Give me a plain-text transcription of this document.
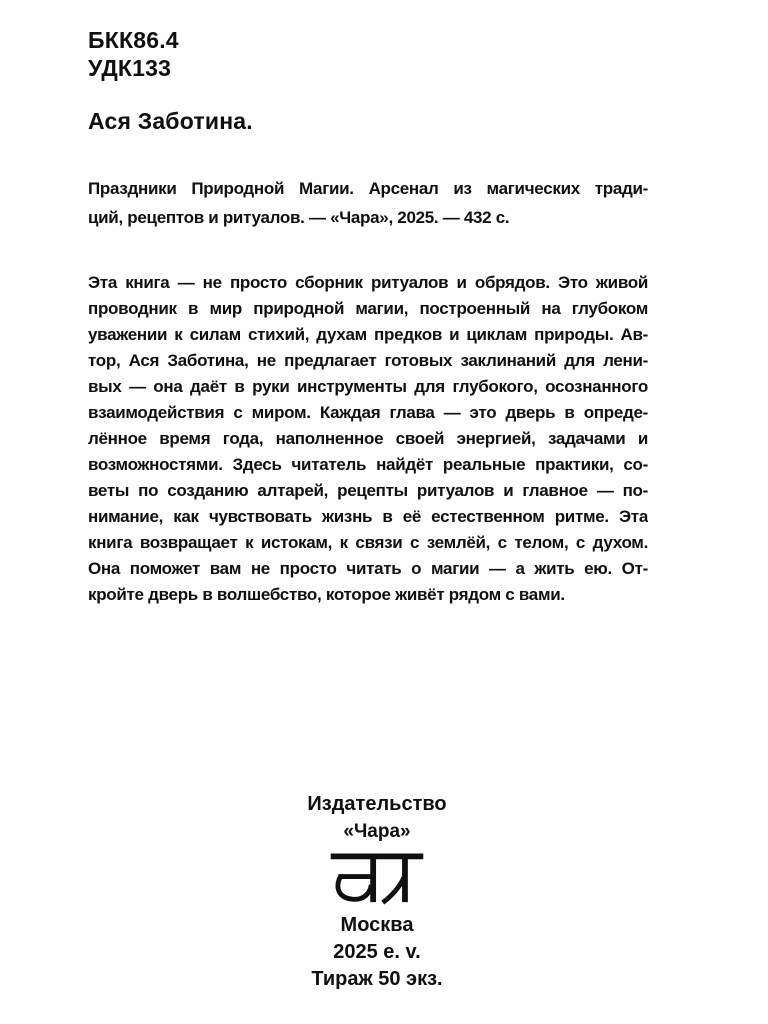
БКК86.4
УДК133
Ася Заботина.
Праздники Природной Магии. Арсенал из магических тради-
ций, рецептов и ритуалов. — «Чара», 2025. — 432 с.
Эта книга — не просто сборник ритуалов и обрядов. Это живой
проводник в мир природной магии, построенный на глубоком
уважении к силам стихий, духам предков и циклам природы. Ав-
тор, Ася Заботина, не предлагает готовых заклинаний для лени-
вых — она даёт в руки инструменты для глубокого, осознанного
взаимодействия с миром. Каждая глава — это дверь в опреде-
лённое время года, наполненное своей энергией, задачами и
возможностями. Здесь читатель найдёт реальные практики, со-
веты по созданию алтарей, рецепты ритуалов и главное — по-
нимание, как чувствовать жизнь в её естественном ритме. Эта
книга возвращает к истокам, к связи с землёй, с телом, с духом.
Она поможет вам не просто читать о магии — а жить ею. От-
кройте дверь в волшебство, которое живёт рядом с вами.
Издательство
«Чара»
Москва
2025 e. v.
Тираж 50 экз.
